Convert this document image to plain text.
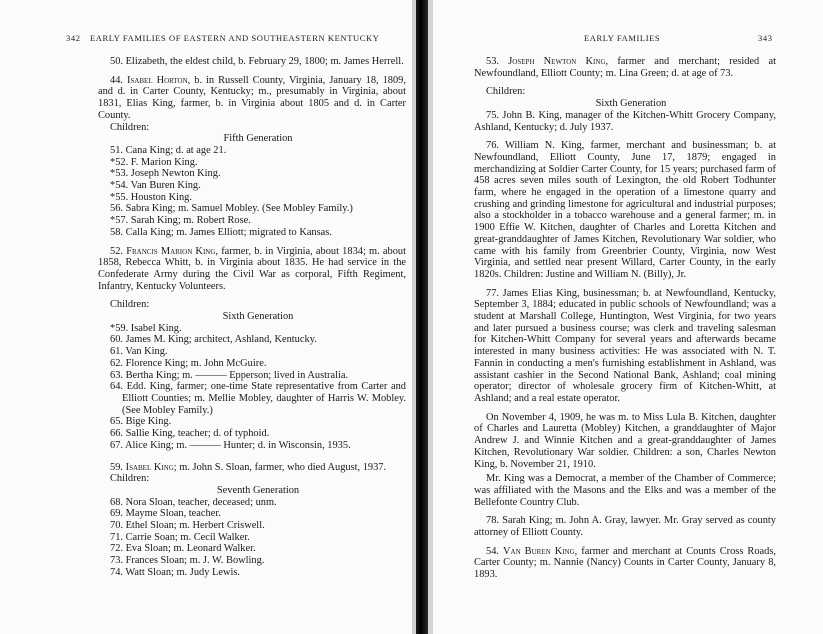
342 EARLY FAMILIES OF EASTERN AND SOUTHEASTERN KENTUCKY

50. Elizabeth, the eldest child, b. February 29, 1800; m. James Herrell.

44. Isabel Horton, b. in Russell County, Virginia, January 18, 1809, and d. in Carter County, Kentucky; m., presumably in Virginia, about 1831, Elias King, farmer, b. in Virginia about 1805 and d. in Carter County.

Children:

Fifth Generation

51. Cana King; d. at age 21.

*52. F. Marion King.

*53. Joseph Newton King.

*54. Van Buren King.

*55. Houston King.

56. Sabra King; m. Samuel Mobley. (See Mobley Family.)

*57. Sarah King; m. Robert Rose.

58. Calla King; m. James Elliott; migrated to Kansas.

52. Francis Marion King, farmer, b. in Virginia, about 1834; m. about 1858, Rebecca Whitt, b. in Virginia about 1835. He had service in the Confederate Army during the Civil War as corporal, Fifth Regiment, Infantry, Kentucky Volunteers.

Children:

Sixth Generation

*59. Isabel King.

60. James M. King; architect, Ashland, Kentucky.

61. Van King.

62. Florence King; m. John McGuire.

63. Bertha King; m. ——— Epperson; lived in Australia.

64. Edd. King, farmer; one-time State representative from Carter and Elliott Counties; m. Mellie Mobley, daughter of Harris W. Mobley. (See Mobley Family.)

65. Bige King.

66. Sallie King, teacher; d. of typhoid.

67. Alice King; m. ——— Hunter; d. in Wisconsin, 1935.

59. Isabel King; m. John S. Sloan, farmer, who died August, 1937.

Children:

Seventh Generation

68. Nora Sloan, teacher, deceased; unm.

69. Mayme Sloan, teacher.

70. Ethel Sloan; m. Herbert Criswell.

71. Carrie Soan; m. Cecil Walker.

72. Eva Sloan; m. Leonard Walker.

73. Frances Sloan; m. J. W. Bowling.

74. Watt Sloan; m. Judy Lewis.

EARLY FAMILIES	343

53. Joseph Newton King, farmer and merchant; resided at Newfoundland, Elliott County; m. Lina Green; d. at age of 73.

Children:

Sixth Generation

75. John B. King, manager of the Kitchen-Whitt Grocery Company, Ashland, Kentucky; d. July 1937.

76. William N. King, farmer, merchant and businessman; b. at Newfoundland, Elliott County, June 17, 1879; engaged in merchandizing at Soldier Carter County, for 15 years; purchased farm of 458 acres seven miles south of Lexington, the old Robert Todhunter farm, where he engaged in the operation of a limestone quarry and crushing and grinding limestone for agricultural and industrial purposes; also a stockholder in a tobacco warehouse and a general farmer; m. in 1900 Effie W. Kitchen, daughter of Charles and Loretta Kitchen and great-granddaughter of James Kitchen, Revolutionary War soldier, who came with his family from Greenbrier County, Virginia, now West Virginia, and settled near present Willard, Carter County, in the early 1820s. Children: Justine and William N. (Billy), Jr.

77. James Elias King, businessman; b. at Newfoundland, Kentucky, September 3, 1884; educated in public schools of Newfoundland; was a student at Marshall College, Huntington, West Virginia, for two years and later pursued a business course; was clerk and traveling salesman for Kitchen-Whitt Company for several years and afterwards became interested in many business activities: He was associated with N. T. Fannin in conducting a men's furnishing establishment in Ashland, was assistant cashier in the Second National Bank, Ashland; coal mining operator; director of wholesale grocery firm of Kitchen-Whitt, at Ashland; and a real estate operator.

On November 4, 1909, he was m. to Miss Lula B. Kitchen, daughter of Charles and Lauretta (Mobley) Kitchen, a granddaughter of Major Andrew J. and Winnie Kitchen and a great-granddaughter of James Kitchen, Revolutionary War soldier. Children: a son, Charles Newton King, b. November 21, 1910.

Mr. King was a Democrat, a member of the Chamber of Commerce; was affiliated with the Masons and the Elks and was a member of the Bellefonte Country Club.

78. Sarah King; m. John A. Gray, lawyer. Mr. Gray served as county attorney of Elliott County.

54. Van Buren King, farmer and merchant at Counts Cross Roads, Carter County; m. Nannie (Nancy) Counts in Carter County, January 8, 1893.
